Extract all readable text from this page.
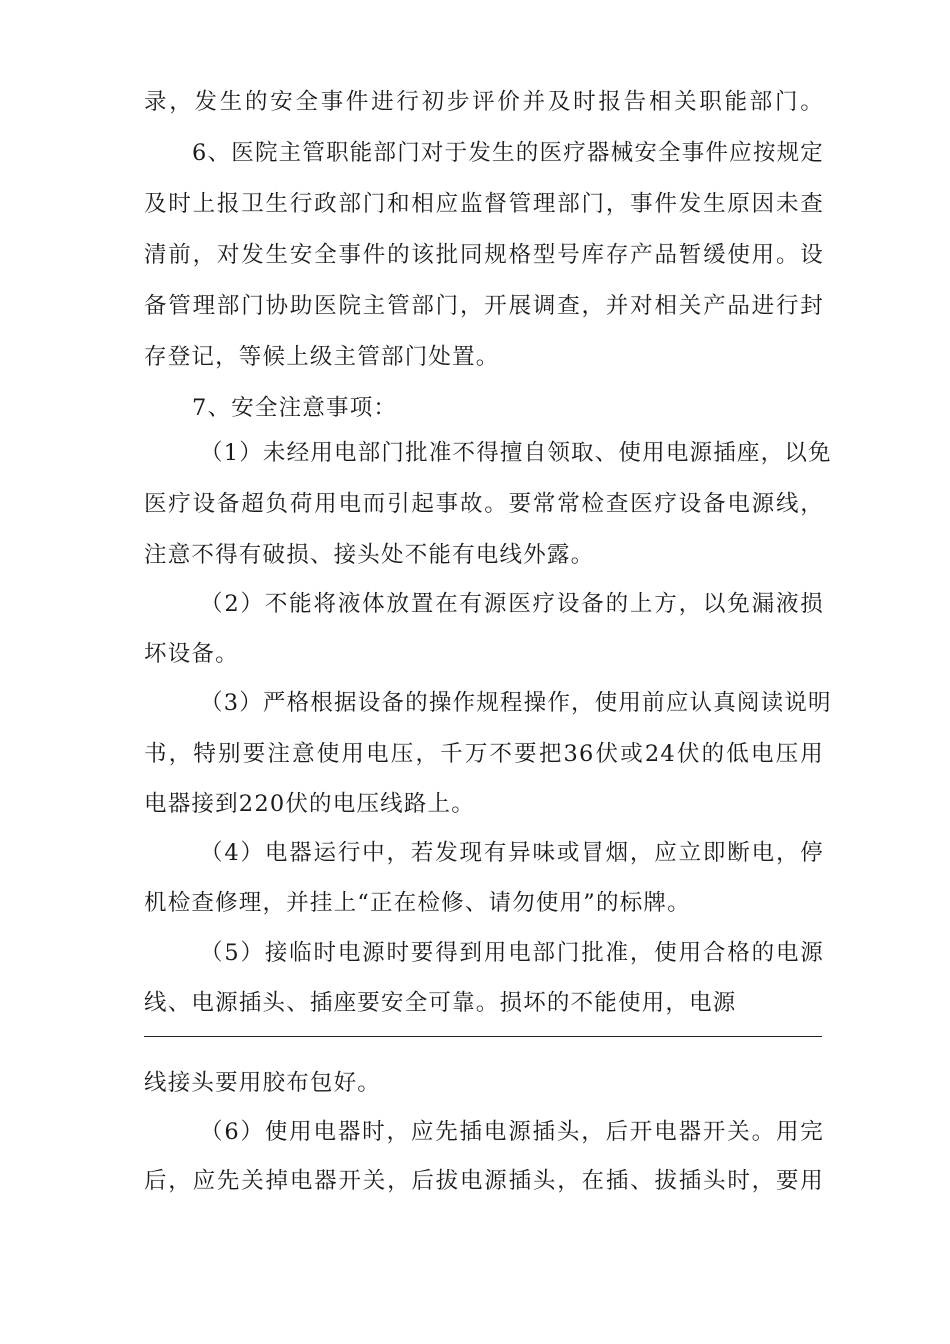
录，发生的安全事件进行初步评价并及时报告相关职能部门。
6、医院主管职能部门对于发生的医疗器械安全事件应按规定
及时上报卫生行政部门和相应监督管理部门，事件发生原因未查
清前，对发生安全事件的该批同规格型号库存产品暂缓使用。设
备管理部门协助医院主管部门，开展调查，并对相关产品进行封
存登记，等候上级主管部门处置。
7、安全注意事项：
（1）未经用电部门批准不得擅自领取、使用电源插座，以免
医疗设备超负荷用电而引起事故。要常常检查医疗设备电源线，
注意不得有破损、接头处不能有电线外露。
（2）不能将液体放置在有源医疗设备的上方，以免漏液损
坏设备。
（3）严格根据设备的操作规程操作，使用前应认真阅读说明
书，特别要注意使用电压，千万不要把36伏或24伏的低电压用
电器接到220伏的电压线路上。
（4）电器运行中，若发现有异味或冒烟，应立即断电，停
机检查修理，并挂上“正在检修、请勿使用”的标牌。
（5）接临时电源时要得到用电部门批准，使用合格的电源
线、电源插头、插座要安全可靠。损坏的不能使用，电源
线接头要用胶布包好。
（6）使用电器时，应先插电源插头，后开电器开关。用完
后，应先关掉电器开关，后拔电源插头，在插、拔插头时，要用
